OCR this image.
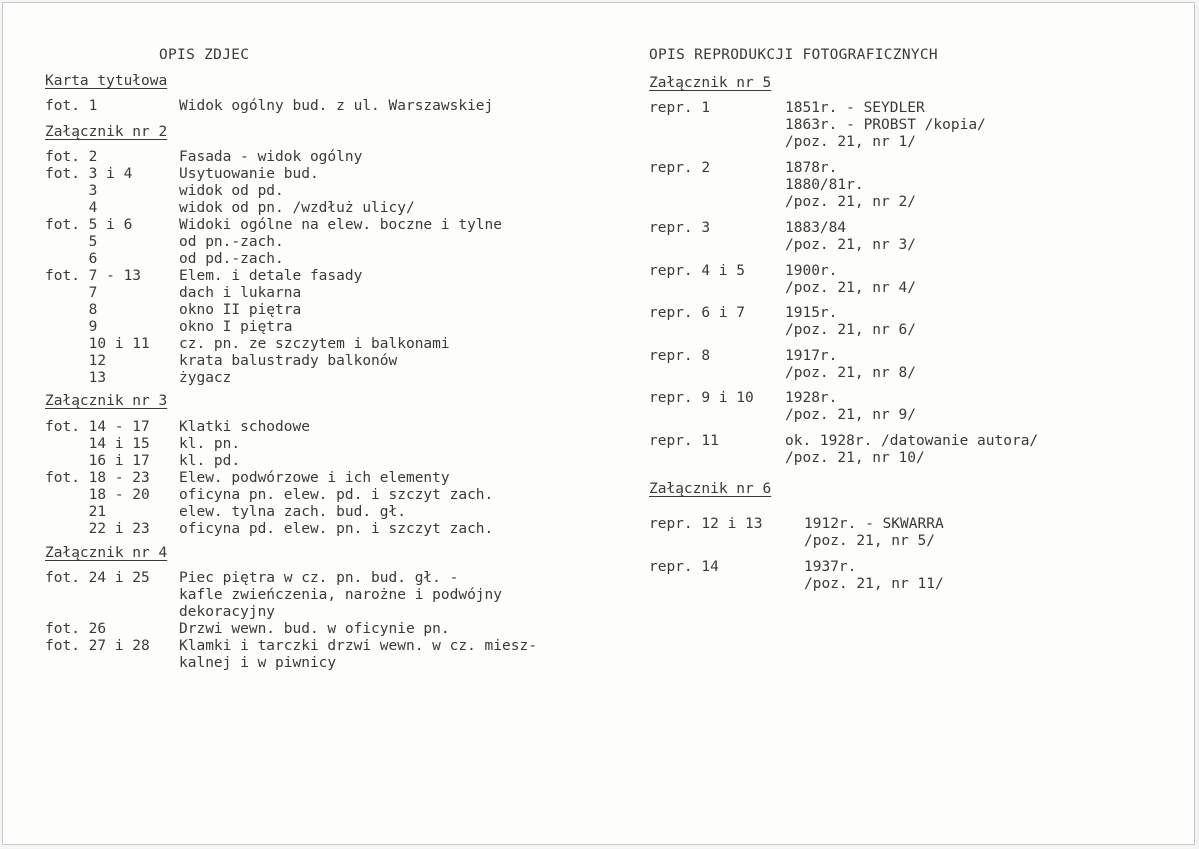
OPIS ZDJEC
Karta tytułowa
fot. 1	Widok ogólny bud. z ul. Warszawskiej
Załącznik nr 2
fot. 2	Fasada - widok ogólny
fot. 3 i 4	Usytuowanie bud.
3	widok od pd.
4	widok od pn. /wzdłuż ulicy/
fot. 5 i 6	Widoki ogólne na elew. boczne i tylne
5	od pn.-zach.
6	od pd.-zach.
fot. 7 - 13	Elem. i detale fasady
7	dach i lukarna
8	okno II piętra
9	okno I piętra
10 i 11 cz. pn. ze szczytem i balkonami
12	krata balustrady balkonów
13	żygacz
Załącznik nr 3
fot. 14 - 17 Klatki schodowe
14 i 15 kl. pn.
16 i 17 kl. pd.
fot. 18 - 23 Elew. podwórzowe i ich elementy
18 - 20 oficyna pn. elew. pd. i szczyt zach.
21	elew. tylna zach. bud. gł.
22 i 23 oficyna pd. elew. pn. i szczyt zach.
Załącznik nr 4
fot. 24 i 25 Piec piętra w cz. pn. bud. gł. -
kafle zwieńczenia, narożne i podwójny
dekoracyjny
fot. 26	Drzwi wewn. bud. w oficynie pn.
fot. 27 i 28 Klamki i tarczki drzwi wewn. w cz. miesz-
kalnej i w piwnicy
OPIS REPRODUKCJI FOTOGRAFICZNYCH
Załącznik nr 5
repr. 1	1851r. - SEYDLER
1863r. - PROBST /kopia/
/poz. 21, nr 1/
repr. 2	1878r.
1880/81r.
/poz. 21, nr 2/
repr. 3	1883/84
/poz. 21, nr 3/
repr. 4 i 5	1900r.
/poz. 21, nr 4/
repr. 6 i 7	1915r.
/poz. 21, nr 6/
repr. 8	1917r.
/poz. 21, nr 8/
repr. 9 i 10 1928r.
/poz. 21, nr 9/
repr. 11	ok. 1928r. /datowanie autora/
/poz. 21, nr 10/
Załącznik nr 6
repr. 12 i 13	1912r. - SKWARRA
/poz. 21, nr 5/
repr. 14	1937r.
/poz. 21, nr 11/
